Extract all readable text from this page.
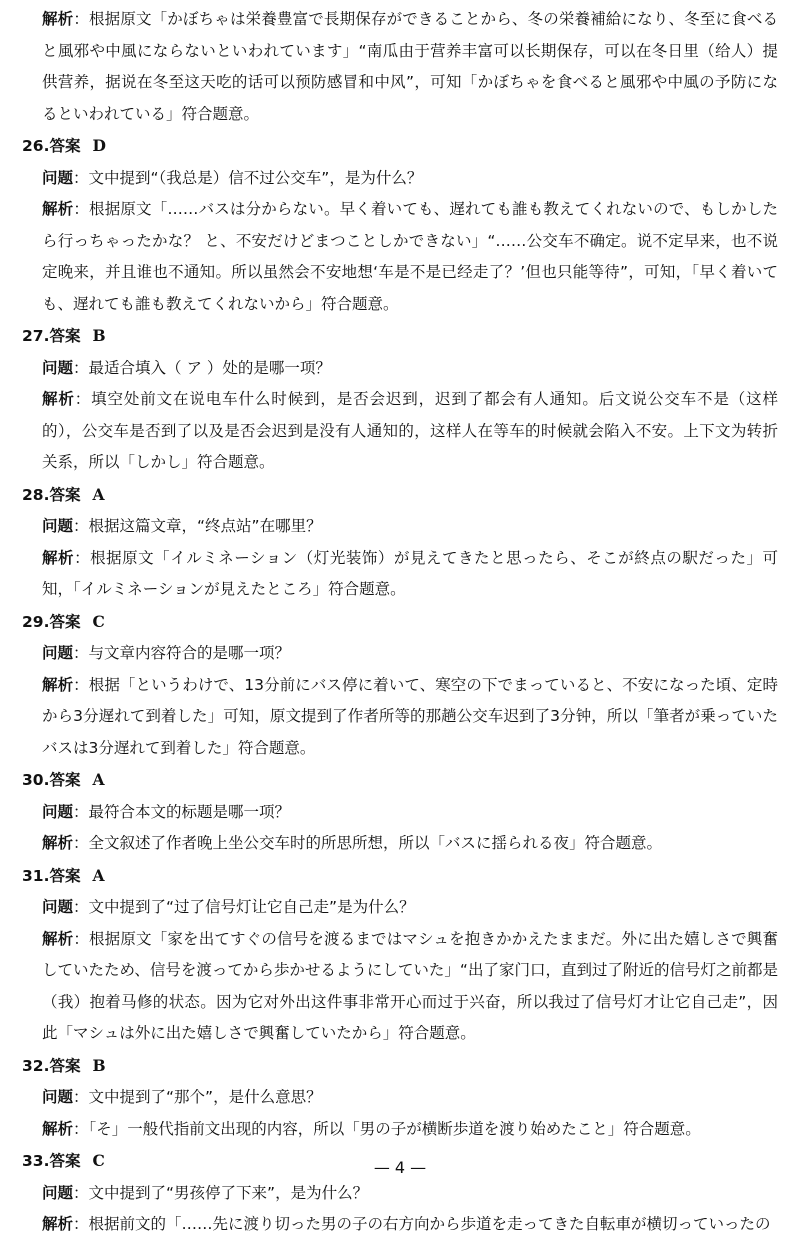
解析：根据原文「かぼちゃは栄養豊富で長期保存ができることから、冬の栄養補給になり、冬至に食べると風邪や中風にならないといわれています」“南瓜由于营养丰富可以长期保存，可以在冬日里（给人）提供营养，据说在冬至这天吃的话可以预防感冒和中风”，可知「かぼちゃを食べると風邪や中風の予防になるといわれている」符合题意。
26.答案 D
问题：文中提到“（我总是）信不过公交车”，是为什么？
解析：根据原文「……バスは分からない。早く着いても、遅れても誰も教えてくれないので、もしかしたら行っちゃったかな？ と、不安だけどまつことしかできない」“……公交车不确定。说不定早来，也不说定晚来，并且谁也不通知。所以虽然会不安地想‘车是不是已经走了？’但也只能等待”，可知，「早く着いても、遅れても誰も教えてくれないから」符合题意。
27.答案 B
问题：最适合填入（ ア ）处的是哪一项？
解析：填空处前文在说电车什么时候到，是否会迟到，迟到了都会有人通知。后文说公交车不是（这样的），公交车是否到了以及是否会迟到是没有人通知的，这样人在等车的时候就会陷入不安。上下文为转折关系，所以「しかし」符合题意。
28.答案 A
问题：根据这篇文章，“终点站”在哪里？
解析：根据原文「イルミネーション（灯光装饰）が見えてきたと思ったら、そこが終点の駅だった」可知，「イルミネーションが見えたところ」符合题意。
29.答案 C
问题：与文章内容符合的是哪一项？
解析：根据「というわけで、13分前にバス停に着いて、寒空の下でまっていると、不安になった頃、定時から3分遅れて到着した」可知，原文提到了作者所等的那趟公交车迟到了3分钟，所以「筆者が乗っていたバスは3分遅れて到着した」符合题意。
30.答案 A
问题：最符合本文的标题是哪一项？
解析：全文叙述了作者晚上坐公交车时的所思所想，所以「バスに揺られる夜」符合题意。
31.答案 A
问题：文中提到了“过了信号灯让它自己走”是为什么？
解析：根据原文「家を出てすぐの信号を渡るまではマシュを抱きかかえたままだ。外に出た嬉しさで興奮していたため、信号を渡ってから歩かせるようにしていた」“出了家门口，直到过了附近的信号灯之前都是（我）抱着马修的状态。因为它对外出这件事非常开心而过于兴奋，所以我过了信号灯才让它自己走”，因此「マシュは外に出た嬉しさで興奮していたから」符合题意。
32.答案 B
问题：文中提到了“那个”，是什么意思？
解析：「そ」一般代指前文出现的内容，所以「男の子が横断歩道を渡り始めたこと」符合题意。
33.答案 C
问题：文中提到了“男孩停了下来”，是为什么？
解析：根据前文的「……先に渡り切った男の子の右方向から歩道を走ってきた自転車が横切っていったの
— 4 —
